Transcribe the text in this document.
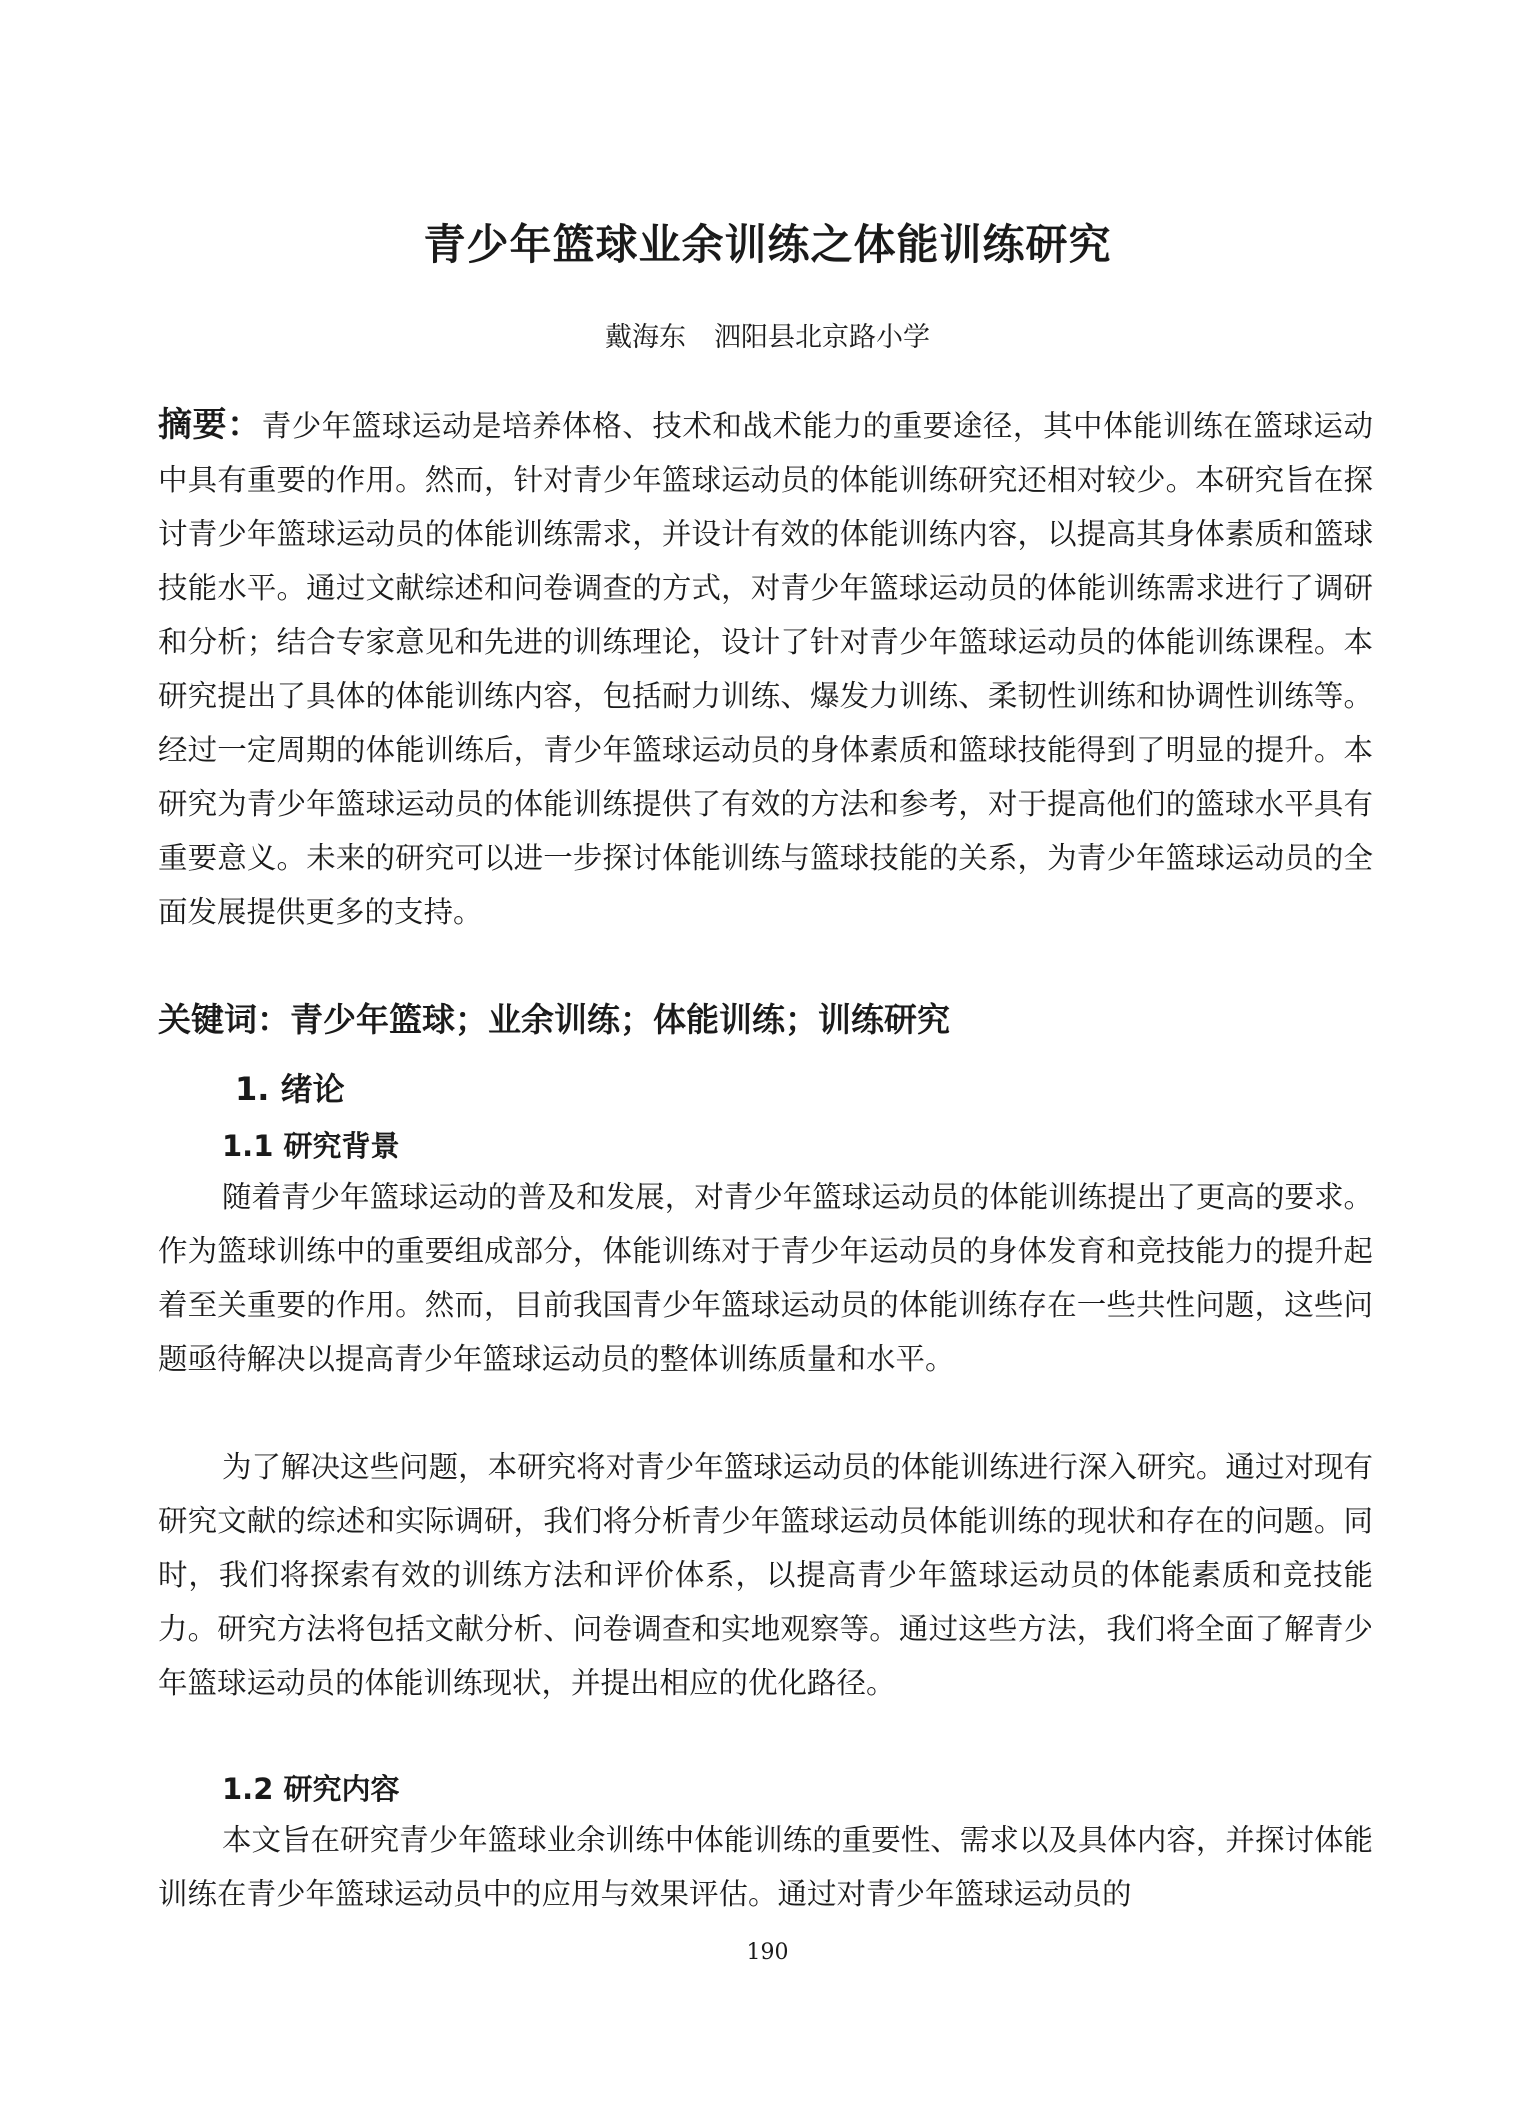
青少年篮球业余训练之体能训练研究

戴海东 泗阳县北京路小学

摘要：青少年篮球运动是培养体格、技术和战术能力的重要途径，其中体能训练在篮球运动中具有重要的作用。然而，针对青少年篮球运动员的体能训练研究还相对较少。本研究旨在探讨青少年篮球运动员的体能训练需求，并设计有效的体能训练内容，以提高其身体素质和篮球技能水平。通过文献综述和问卷调查的方式，对青少年篮球运动员的体能训练需求进行了调研和分析；结合专家意见和先进的训练理论，设计了针对青少年篮球运动员的体能训练课程。本研究提出了具体的体能训练内容，包括耐力训练、爆发力训练、柔韧性训练和协调性训练等。经过一定周期的体能训练后，青少年篮球运动员的身体素质和篮球技能得到了明显的提升。本研究为青少年篮球运动员的体能训练提供了有效的方法和参考，对于提高他们的篮球水平具有重要意义。未来的研究可以进一步探讨体能训练与篮球技能的关系，为青少年篮球运动员的全面发展提供更多的支持。

关键词：青少年篮球；业余训练；体能训练；训练研究

1. 绪论
1.1 研究背景

随着青少年篮球运动的普及和发展，对青少年篮球运动员的体能训练提出了更高的要求。作为篮球训练中的重要组成部分，体能训练对于青少年运动员的身体发育和竞技能力的提升起着至关重要的作用。然而，目前我国青少年篮球运动员的体能训练存在一些共性问题，这些问题亟待解决以提高青少年篮球运动员的整体训练质量和水平。

为了解决这些问题，本研究将对青少年篮球运动员的体能训练进行深入研究。通过对现有研究文献的综述和实际调研，我们将分析青少年篮球运动员体能训练的现状和存在的问题。同时，我们将探索有效的训练方法和评价体系，以提高青少年篮球运动员的体能素质和竞技能力。研究方法将包括文献分析、问卷调查和实地观察等。通过这些方法，我们将全面了解青少年篮球运动员的体能训练现状，并提出相应的优化路径。

1.2 研究内容

本文旨在研究青少年篮球业余训练中体能训练的重要性、需求以及具体内容，并探讨体能训练在青少年篮球运动员中的应用与效果评估。通过对青少年篮球运动员的

190
